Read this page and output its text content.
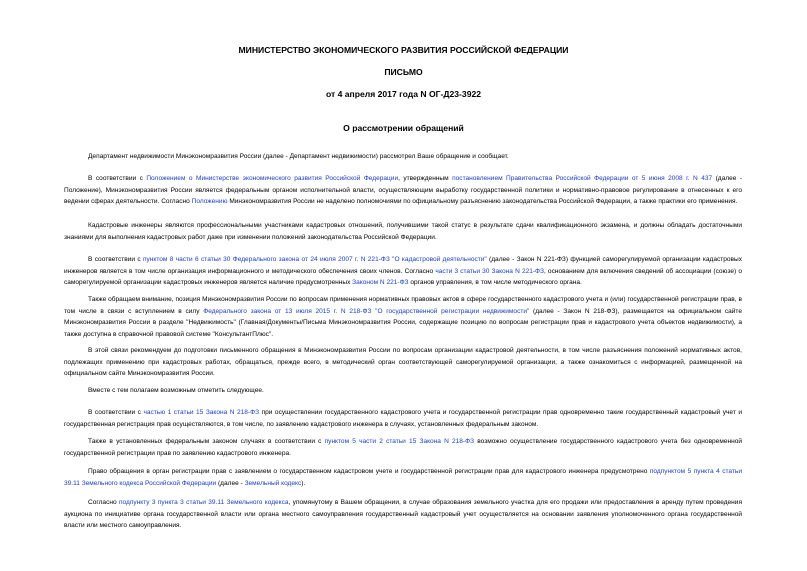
МИНИСТЕРСТВО ЭКОНОМИЧЕСКОГО РАЗВИТИЯ РОССИЙСКОЙ ФЕДЕРАЦИИ
ПИСЬМО
от 4 апреля 2017 года N ОГ-Д23-3922
О рассмотрении обращений
Департамент недвижимости Минэкономразвития России (далее - Департамент недвижимости) рассмотрел Ваше обращение и сообщает.
В соответствии с Положением о Министерстве экономического развития Российской Федерации, утвержденным постановлением Правительства Российской Федерации от 5 июня 2008 г. N 437 (далее - Положение), Минэкономразвития России является федеральным органом исполнительной власти, осуществляющим выработку государственной политики и нормативно-правовое регулирование в отнесенных к его ведении сферах деятельности. Согласно Положению Минэкономразвития России не наделено полномочиями по официальному разъяснению законодательства Российской Федерации, а также практики его применения.
Кадастровые инженеры являются профессиональными участниками кадастровых отношений, получившими такой статус в результате сдачи квалификационного экзамена, и должны обладать достаточными знаниями для выполнения кадастровых работ даже при изменении положений законодательства Российской Федерации.
В соответствии с пунктом 8 части 6 статьи 30 Федерального закона от 24 июля 2007 г. N 221-ФЗ "О кадастровой деятельности" (далее - Закон N 221-ФЗ) функцией саморегулируемой организации кадастровых инженеров является в том числе организация информационного и методического обеспечения своих членов. Согласно части 3 статьи 30 Закона N 221-ФЗ, основанием для включения сведений об ассоциации (союзе) о саморегулируемой организации кадастровых инженеров является наличие предусмотренных Законом N 221-ФЗ органов управления, в том числе методического органа.
Также обращаем внимание, позиция Минэкономразвития России по вопросам применения нормативных правовых актов в сфере государственного кадастрового учета и (или) государственной регистрации прав, в том числе в связи с вступлением в силу Федерального закона от 13 июля 2015 г. N 218-ФЗ "О государственной регистрации недвижимости" (далее - Закон N 218-ФЗ), размещается на официальном сайте Минэкономразвития России в разделе "Недвижимость" (Главная/Документы/Письма Минэкономразвития России, содержащие позицию по вопросам регистрации прав и кадастрового учета объектов недвижимости), а также доступна в справочной правовой системе "КонсультантПлюс".
В этой связи рекомендуем до подготовки письменного обращения в Минэкономразвития России по вопросам организации кадастровой деятельности, в том числе разъяснения положений нормативных актов, подлежащих применению при кадастровых работах, обращаться, прежде всего, в методический орган соответствующей саморегулируемой организации, а также ознакомиться с информацией, размещенной на официальном сайте Минэкономразвития России.
Вместе с тем полагаем возможным отметить следующее.
В соответствии с частью 1 статьи 15 Закона N 218-ФЗ при осуществлении государственного кадастрового учета и государственной регистрации прав одновременно такие государственный кадастровый учет и государственная регистрация прав осуществляются, в том числе, по заявлению кадастрового инженера в случаях, установленных федеральным законом.
Также в установленных федеральным законом случаях в соответствии с пунктом 5 части 2 статьи 15 Закона N 218-ФЗ возможно осуществление государственного кадастрового учета без одновременной государственной регистрации прав по заявлению кадастрового инженера.
Право обращения в орган регистрации прав с заявлением о государственном кадастровом учете и государственной регистрации прав для кадастрового инженера предусмотрено подпунктом 5 пункта 4 статьи 39.11 Земельного кодекса Российской Федерации (далее - Земельный кодекс).
Согласно подпункту 3 пункта 3 статьи 39.11 Земельного кодекса, упомянутому в Вашем обращении, в случае образования земельного участка для его продажи или предоставления в аренду путем проведения аукциона по инициативе органа государственной власти или органа местного самоуправления государственный кадастровый учет осуществляется на основании заявления уполномоченного органа государственной власти или местного самоуправления.
